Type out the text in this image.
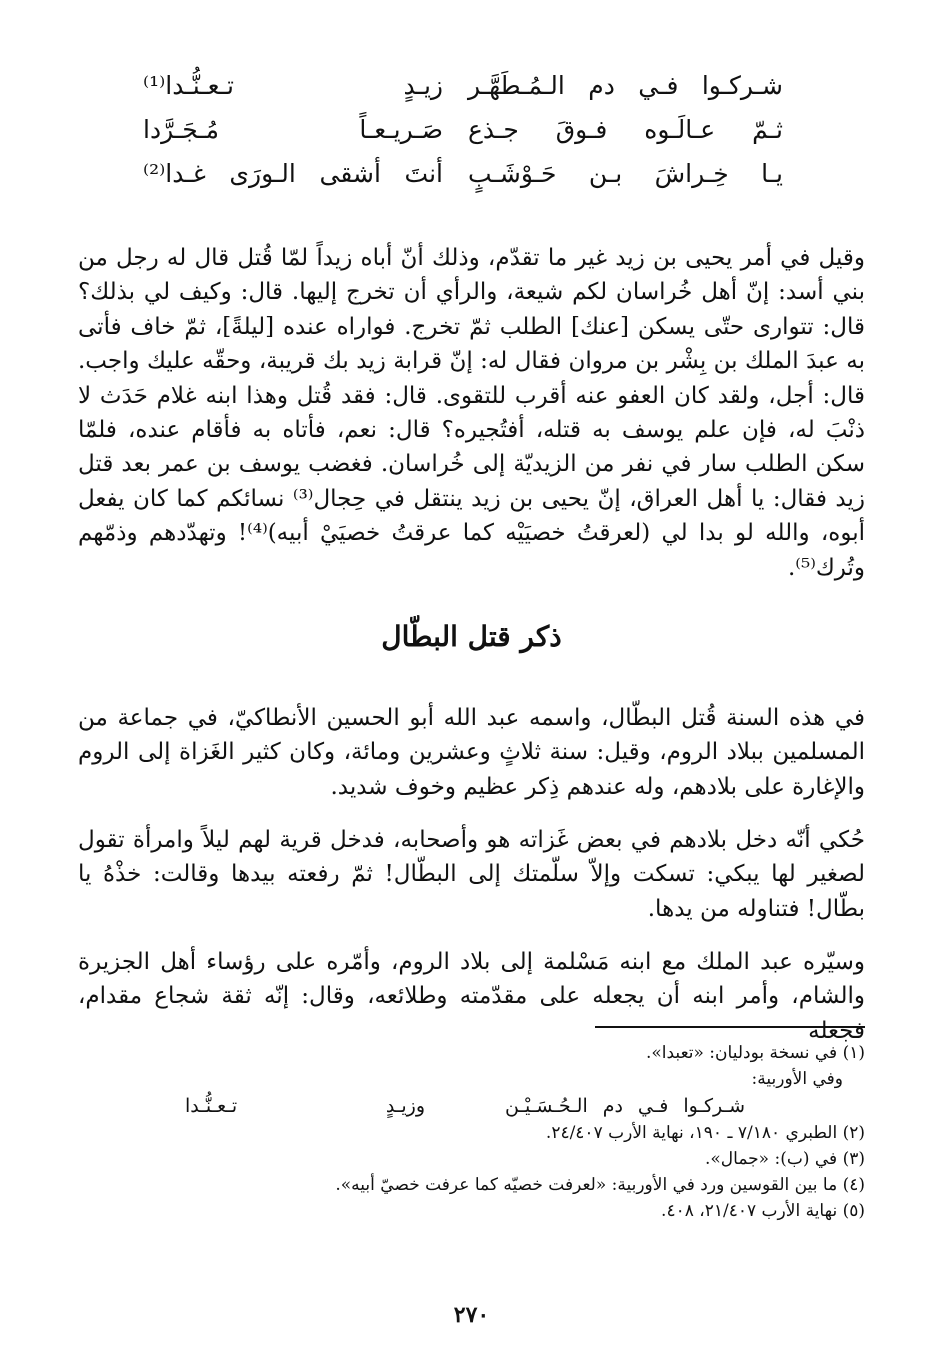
شـركـوا فـي دم الـمُـطَهَّـر
زيـدٍ تـعـنُّـدا⁽¹⁾
ثـمّ عـالَـوه فـوقَ جـذع
صَـريـعـاً مُـجَـرَّدا
يـا خِـراشَ بـن حَـوْشَـبٍ
أنتَ أشقى الـورَى غـدا⁽²⁾

وقيل في أمر يحيى بن زيد غير ما تقدّم، وذلك أنّ أباه زيداً لمّا قُتل قال له رجل من بني أسد: إنّ أهل خُراسان لكم شيعة، والرأي أن تخرج إليها. قال: وكيف لي بذلك؟ قال: تتوارى حتّى يسكن [عنك] الطلب ثمّ تخرج. فواراه عنده [ليلةً]، ثمّ خاف فأتى به عبدَ الملك بن بِشْر بن مروان فقال له: إنّ قرابة زيد بك قريبة، وحقّه عليك واجب. قال: أجل، ولقد كان العفو عنه أقرب للتقوى. قال: فقد قُتل وهذا ابنه غلام حَدَث لا ذنْبَ له، فإن علم يوسف به قتله، أفتُجيره؟ قال: نعم، فأتاه به فأقام عنده، فلمّا سكن الطلب سار في نفر من الزيديّة إلى خُراسان. فغضب يوسف بن عمر بعد قتل زيد فقال: يا أهل العراق، إنّ يحيى بن زيد ينتقل في حِجال⁽³⁾ نسائكم كما كان يفعل أبوه، والله لو بدا لي (لعرقتُ خصيَيْه كما عرقتُ خصيَيْ أبيه)⁽⁴⁾! وتهدّدهم وذمّهم وتُرك⁽⁵⁾.

ذكر قتل البطّال

في هذه السنة قُتل البطّال، واسمه عبد الله أبو الحسين الأنطاكيّ، في جماعة من المسلمين ببلاد الروم، وقيل: سنة ثلاثٍ وعشرين ومائة، وكان كثير الغَزاة إلى الروم والإغارة على بلادهم، وله عندهم ذِكر عظيم وخوف شديد.

حُكي أنّه دخل بلادهم في بعض غَزاته هو وأصحابه، فدخل قرية لهم ليلاً وامرأة تقول لصغير لها يبكي: تسكت وإلاّ سلّمتك إلى البطّال! ثمّ رفعته بيدها وقالت: خذْهُ يا بطّال! فتناوله من يدها.

وسيّره عبد الملك مع ابنه مَسْلمة إلى بلاد الروم، وأمّره على رؤساء أهل الجزيرة والشام، وأمر ابنه أن يجعله على مقدّمته وطلائعه، وقال: إنّه ثقة شجاع مقدام، فجعله

(١) في نسخة بودليان: «تعبدا».
وفي الأوربية:
شـركـوا فـي دم الـحُـسَـيْـن
وزيـدٍ تـعـنُّـدا
(٢) الطبري ٧/١٨٠ ـ ١٩٠، نهاية الأرب ٢٤/٤٠٧.
(٣) في (ب): «جمال».
(٤) ما بين القوسين ورد في الأوربية: «لعرفت خصيّه كما عرفت خصيّ أبيه».
(٥) نهاية الأرب ٢١/٤٠٧، ٤٠٨.
٢٧٠
